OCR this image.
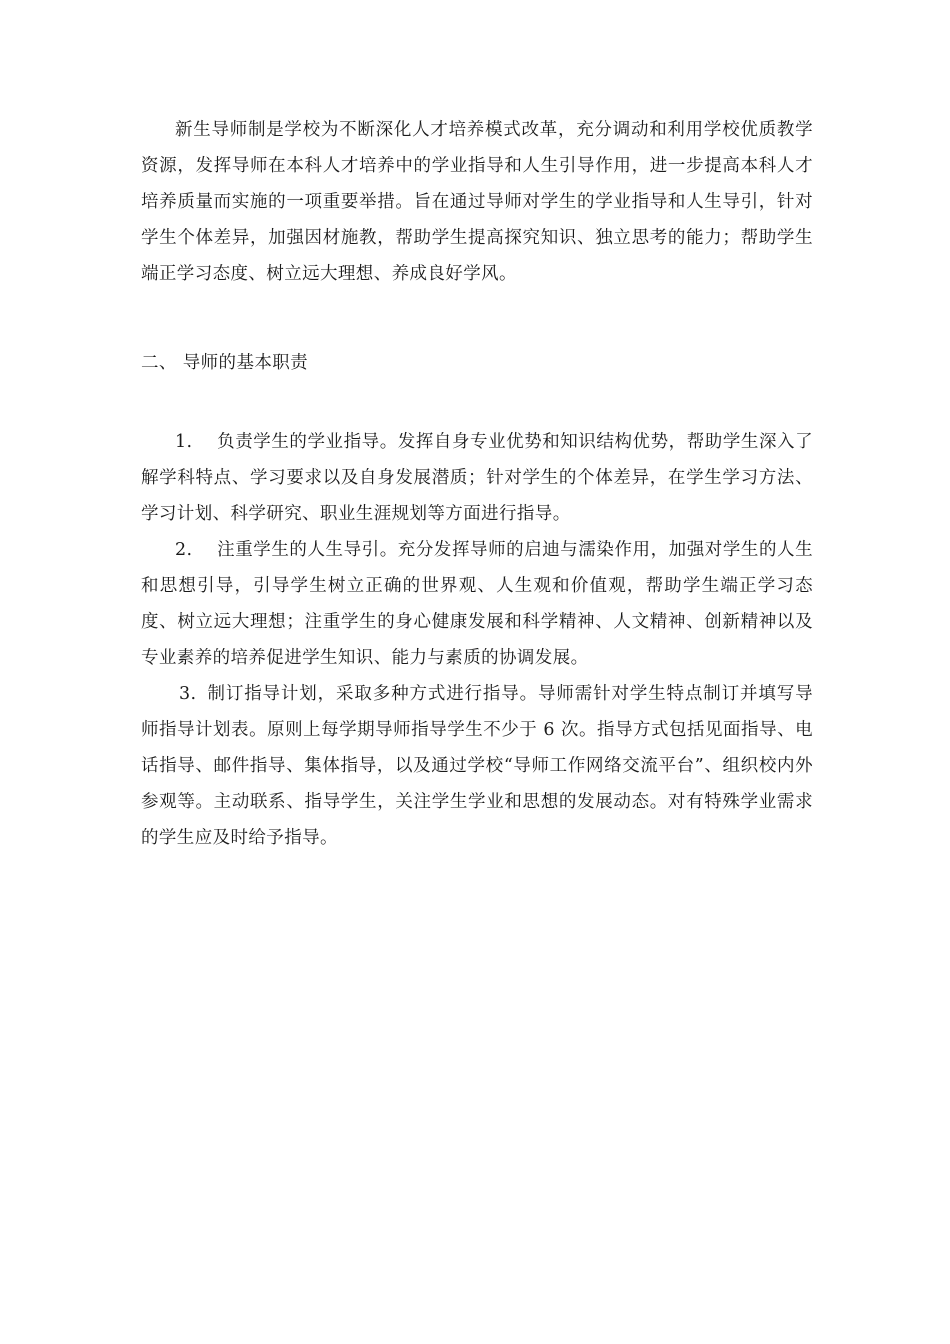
新生导师制是学校为不断深化人才培养模式改革，充分调动和利用学校优质教学资源，发挥导师在本科人才培养中的学业指导和人生引导作用，进一步提高本科人才培养质量而实施的一项重要举措。旨在通过导师对学生的学业指导和人生导引，针对学生个体差异，加强因材施教，帮助学生提高探究知识、独立思考的能力；帮助学生端正学习态度、树立远大理想、养成良好学风。

二、 导师的基本职责

1. 负责学生的学业指导。发挥自身专业优势和知识结构优势，帮助学生深入了解学科特点、学习要求以及自身发展潜质；针对学生的个体差异，在学生学习方法、学习计划、科学研究、职业生涯规划等方面进行指导。

2. 注重学生的人生导引。充分发挥导师的启迪与濡染作用，加强对学生的人生和思想引导，引导学生树立正确的世界观、人生观和价值观，帮助学生端正学习态度、树立远大理想；注重学生的身心健康发展和科学精神、人文精神、创新精神以及专业素养的培养促进学生知识、能力与素质的协调发展。

3. 制订指导计划，采取多种方式进行指导。导师需针对学生特点制订并填写导师指导计划表。原则上每学期导师指导学生不少于 6 次。指导方式包括见面指导、电话指导、邮件指导、集体指导，以及通过学校“导师工作网络交流平台”、组织校内外参观等。主动联系、指导学生，关注学生学业和思想的发展动态。对有特殊学业需求的学生应及时给予指导。
